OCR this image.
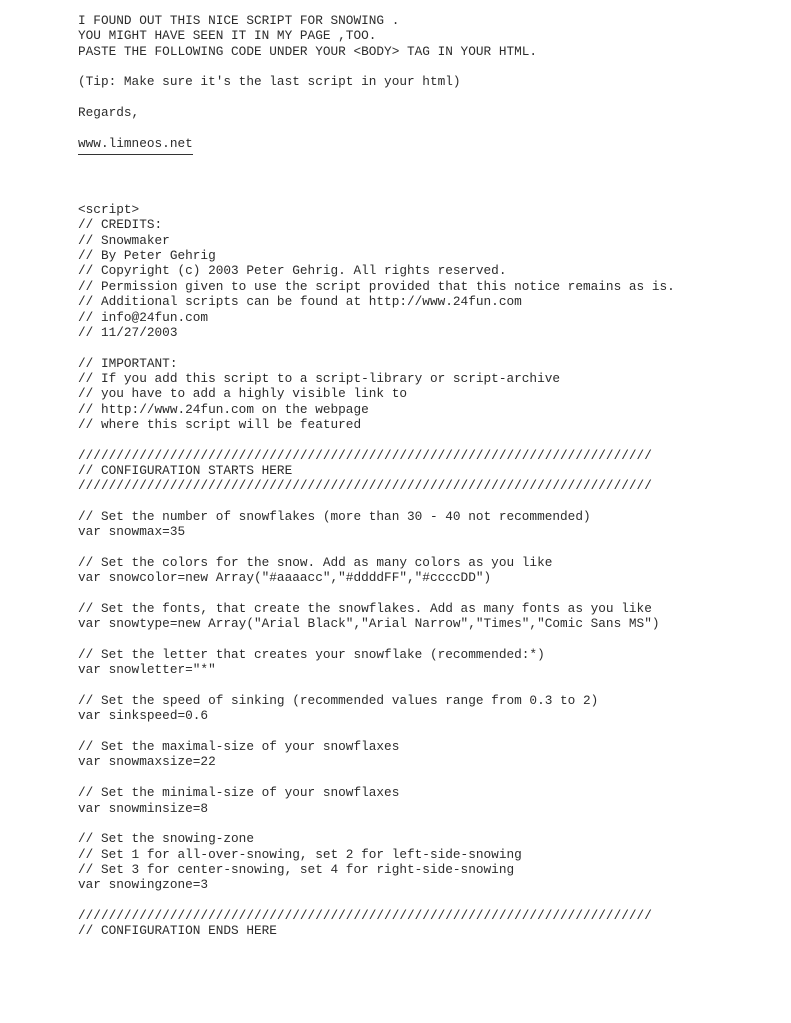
I FOUND OUT THIS NICE SCRIPT FOR SNOWING .
YOU MIGHT HAVE SEEN IT IN MY PAGE ,TOO.
PASTE THE FOLLOWING CODE UNDER YOUR <BODY> TAG IN YOUR HTML.
(Tip: Make sure it's the last script in your html)
Regards,
www.limneos.net
<script>
// CREDITS:
// Snowmaker
// By Peter Gehrig
// Copyright (c) 2003 Peter Gehrig. All rights reserved.
// Permission given to use the script provided that this notice remains as is.
// Additional scripts can be found at http://www.24fun.com
// info@24fun.com
// 11/27/2003
// IMPORTANT:
// If you add this script to a script-library or script-archive
// you have to add a highly visible link to
// http://www.24fun.com on the webpage
// where this script will be featured
///////////////////////////////////////////////////////////////////////////
// CONFIGURATION STARTS HERE
///////////////////////////////////////////////////////////////////////////
// Set the number of snowflakes (more than 30 - 40 not recommended)
var snowmax=35
// Set the colors for the snow. Add as many colors as you like
var snowcolor=new Array("#aaaacc","#ddddFF","#ccccDD")
// Set the fonts, that create the snowflakes. Add as many fonts as you like
var snowtype=new Array("Arial Black","Arial Narrow","Times","Comic Sans MS")
// Set the letter that creates your snowflake (recommended:*)
var snowletter="*"
// Set the speed of sinking (recommended values range from 0.3 to 2)
var sinkspeed=0.6
// Set the maximal-size of your snowflaxes
var snowmaxsize=22
// Set the minimal-size of your snowflaxes
var snowminsize=8
// Set the snowing-zone
// Set 1 for all-over-snowing, set 2 for left-side-snowing
// Set 3 for center-snowing, set 4 for right-side-snowing
var snowingzone=3
///////////////////////////////////////////////////////////////////////////
// CONFIGURATION ENDS HERE
